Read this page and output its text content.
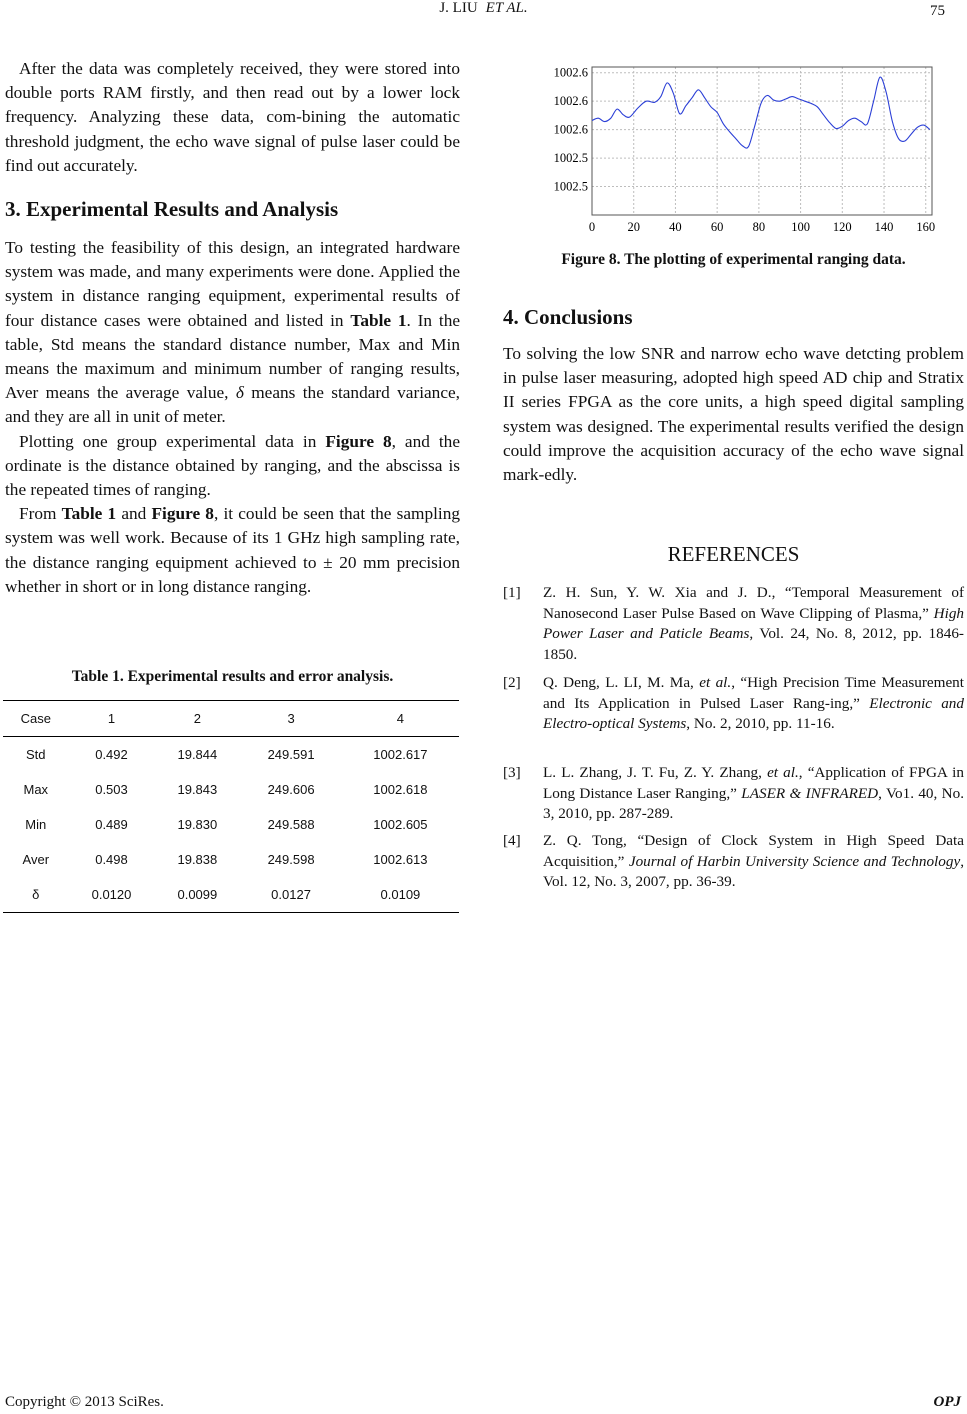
J. LIU ET AL.	75

After the data was completely received, they were stored into double ports RAM firstly, and then read out by a lower lock frequency. Analyzing these data, com-bining the automatic threshold judgment, the echo wave signal of pulse laser could be find out accurately.

3. Experimental Results and Analysis

To testing the feasibility of this design, an integrated hardware system was made, and many experiments were done. Applied the system in distance ranging equipment, experimental results of four distance cases were obtained and listed in Table 1. In the table, Std means the standard distance number, Max and Min means the maximum and minimum number of ranging results, Aver means the average value, δ means the standard variance, and they are all in unit of meter.

Plotting one group experimental data in Figure 8, and the ordinate is the distance obtained by ranging, and the abscissa is the repeated times of ranging.

From Table 1 and Figure 8, it could be seen that the sampling system was well work. Because of its 1 GHz high sampling rate, the distance ranging equipment achieved to ± 20 mm precision whether in short or in long distance ranging.

Table 1. Experimental results and error analysis.
Case	1	2	3	4
Std	0.492	19.844	249.591	1002.617
Max	0.503	19.843	249.606	1002.618
Min	0.489	19.830	249.588	1002.605
Aver	0.498	19.838	249.598	1002.613
δ	0.0120	0.0099	0.0127	0.0109
1002.6
1002.6
1002.6
1002.5
1002.5
0	20 40 60 80 100 120 140 160
Figure 8. The plotting of experimental ranging data.
4. Conclusions

To solving the low SNR and narrow echo wave detcting problem in pulse laser measuring, adopted high speed AD chip and Stratix II series FPGA as the core units, a high speed digital sampling system was designed. The experimental results verified the design could improve the acquisition accuracy of the echo wave signal mark-edly.

REFERENCES
[1] Z. H. Sun, Y. W. Xia and J. D., “Temporal Measurement of Nanosecond Laser Pulse Based on Wave Clipping of Plasma,” High Power Laser and Paticle Beams, Vol. 24, No. 8, 2012, pp. 1846-1850.
[2] Q. Deng, L. LI, M. Ma, et al., “High Precision Time Measurement and Its Application in Pulsed Laser Rang-ing,” Electronic and Electro-optical Systems, No. 2, 2010, pp. 11-16.
[3] L. L. Zhang, J. T. Fu, Z. Y. Zhang, et al., “Application of FPGA in Long Distance Laser Ranging,” LASER & INFRARED, Vo1. 40, No. 3, 2010, pp. 287-289.
[4] Z. Q. Tong, “Design of Clock System in High Speed Data Acquisition,” Journal of Harbin University Science and Technology, Vol. 12, No. 3, 2007, pp. 36-39.
Copyright © 2013 SciRes.	OPJ
